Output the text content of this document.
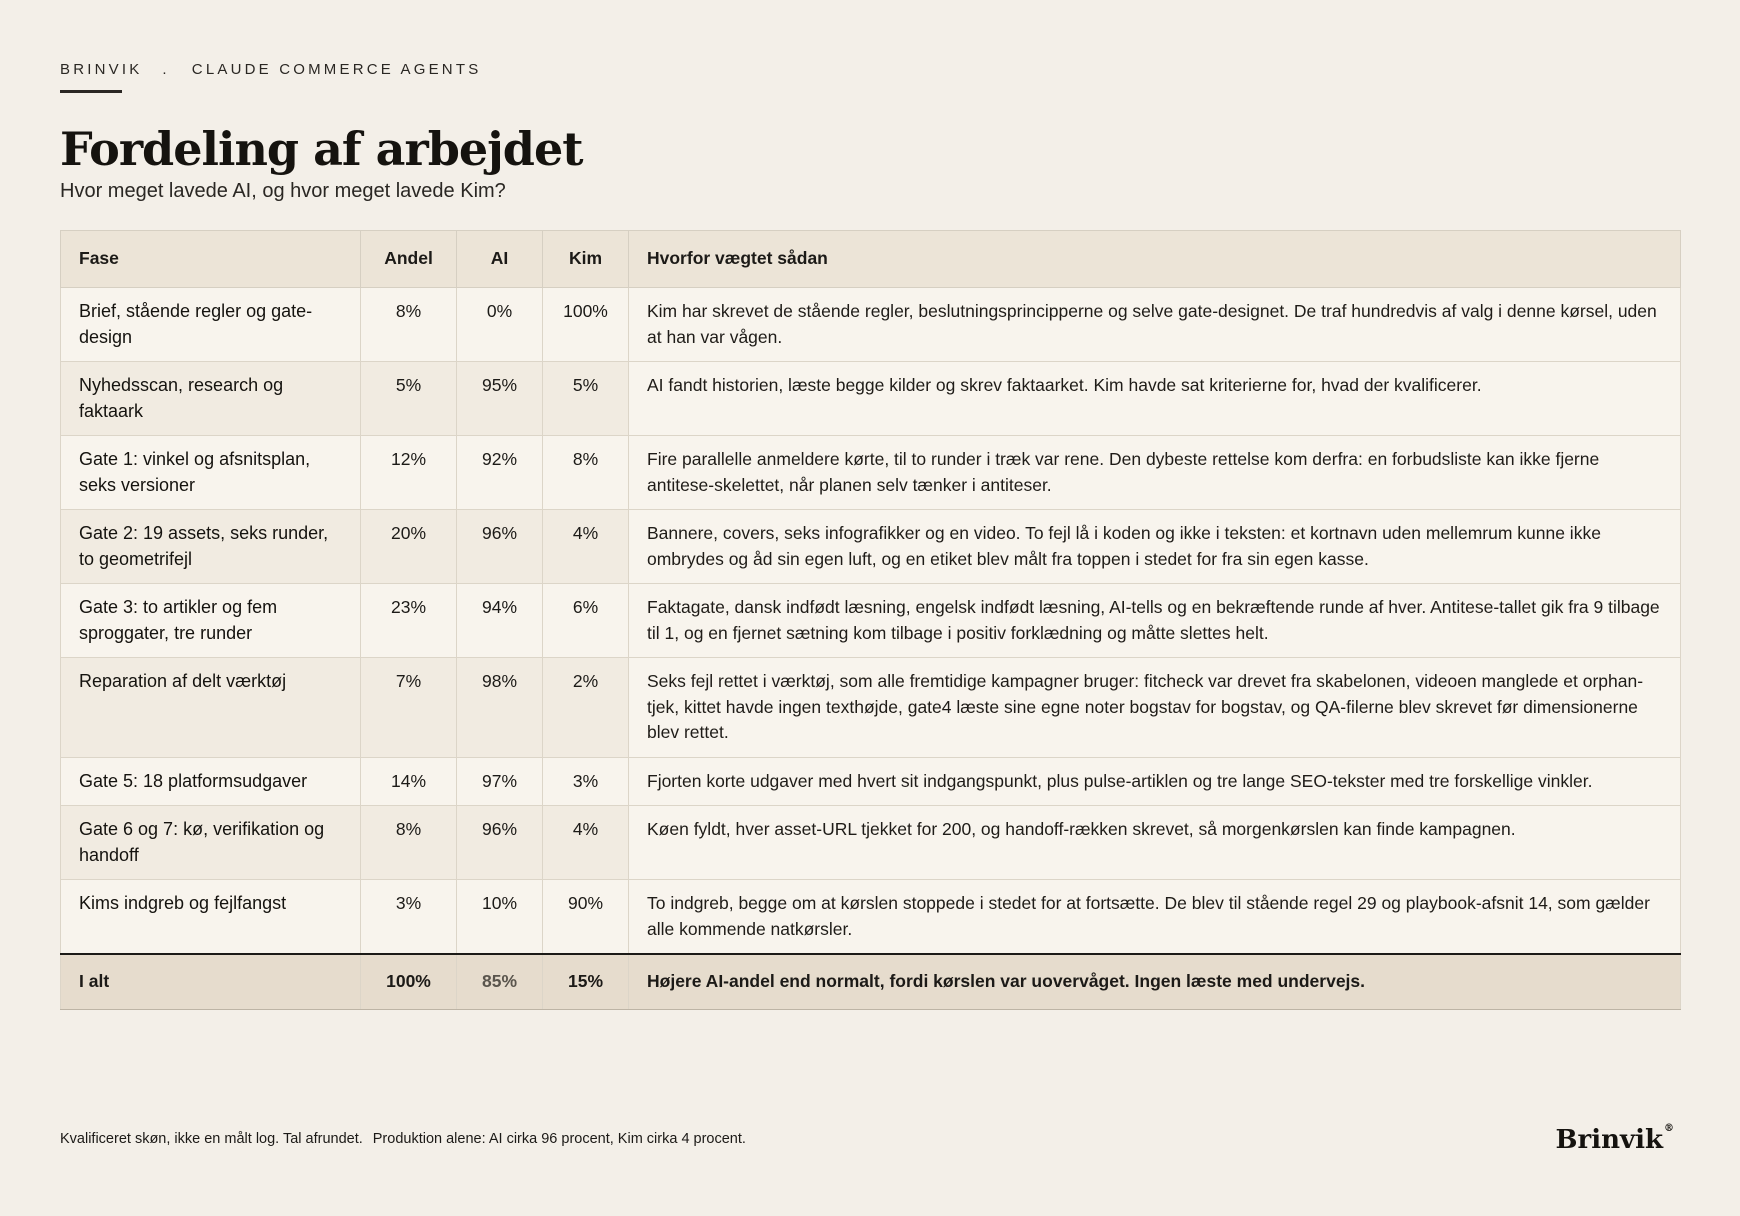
BRINVIK . CLAUDE COMMERCE AGENTS
Fordeling af arbejdet
Hvor meget lavede AI, og hvor meget lavede Kim?
Fase	Andel	AI	Kim	Hvorfor vægtet sådan
Brief, stående regler og gate-design	8%	0%	100%	Kim har skrevet de stående regler, beslutningsprincipperne og selve gate-designet. De traf hundredvis af valg i denne kørsel, uden at han var vågen.
Nyhedsscan, research og faktaark	5%	95%	5%	AI fandt historien, læste begge kilder og skrev faktaarket. Kim havde sat kriterierne for, hvad der kvalificerer.
Gate 1: vinkel og afsnitsplan, seks versioner	12%	92%	8%	Fire parallelle anmeldere kørte, til to runder i træk var rene. Den dybeste rettelse kom derfra: en forbudsliste kan ikke fjerne antitese-skelettet, når planen selv tænker i antiteser.
Gate 2: 19 assets, seks runder, to geometrifejl	20%	96%	4%	Bannere, covers, seks infografikker og en video. To fejl lå i koden og ikke i teksten: et kortnavn uden mellemrum kunne ikke ombrydes og åd sin egen luft, og en etiket blev målt fra toppen i stedet for fra sin egen kasse.
Gate 3: to artikler og fem sproggater, tre runder	23%	94%	6%	Faktagate, dansk indfødt læsning, engelsk indfødt læsning, AI-tells og en bekræftende runde af hver. Antitese-tallet gik fra 9 tilbage til 1, og en fjernet sætning kom tilbage i positiv forklædning og måtte slettes helt.
Reparation af delt værktøj	7%	98%	2%	Seks fejl rettet i værktøj, som alle fremtidige kampagner bruger: fitcheck var drevet fra skabelonen, videoen manglede et orphan-tjek, kittet havde ingen texthøjde, gate4 læste sine egne noter bogstav for bogstav, og QA-filerne blev skrevet før dimensionerne blev rettet.
Gate 5: 18 platformsudgaver	14%	97%	3%	Fjorten korte udgaver med hvert sit indgangspunkt, plus pulse-artiklen og tre lange SEO-tekster med tre forskellige vinkler.
Gate 6 og 7: kø, verifikation og handoff	8%	96%	4%	Køen fyldt, hver asset-URL tjekket for 200, og handoff-rækken skrevet, så morgenkørslen kan finde kampagnen.
Kims indgreb og fejlfangst	3%	10%	90%	To indgreb, begge om at kørslen stoppede i stedet for at fortsætte. De blev til stående regel 29 og playbook-afsnit 14, som gælder alle kommende natkørsler.
I alt	100%	85%	15%	Højere AI-andel end normalt, fordi kørslen var uovervåget. Ingen læste med undervejs.
Kvalificeret skøn, ikke en målt log. Tal afrundet. Produktion alene: AI cirka 96 procent, Kim cirka 4 procent.	Brinvik®
